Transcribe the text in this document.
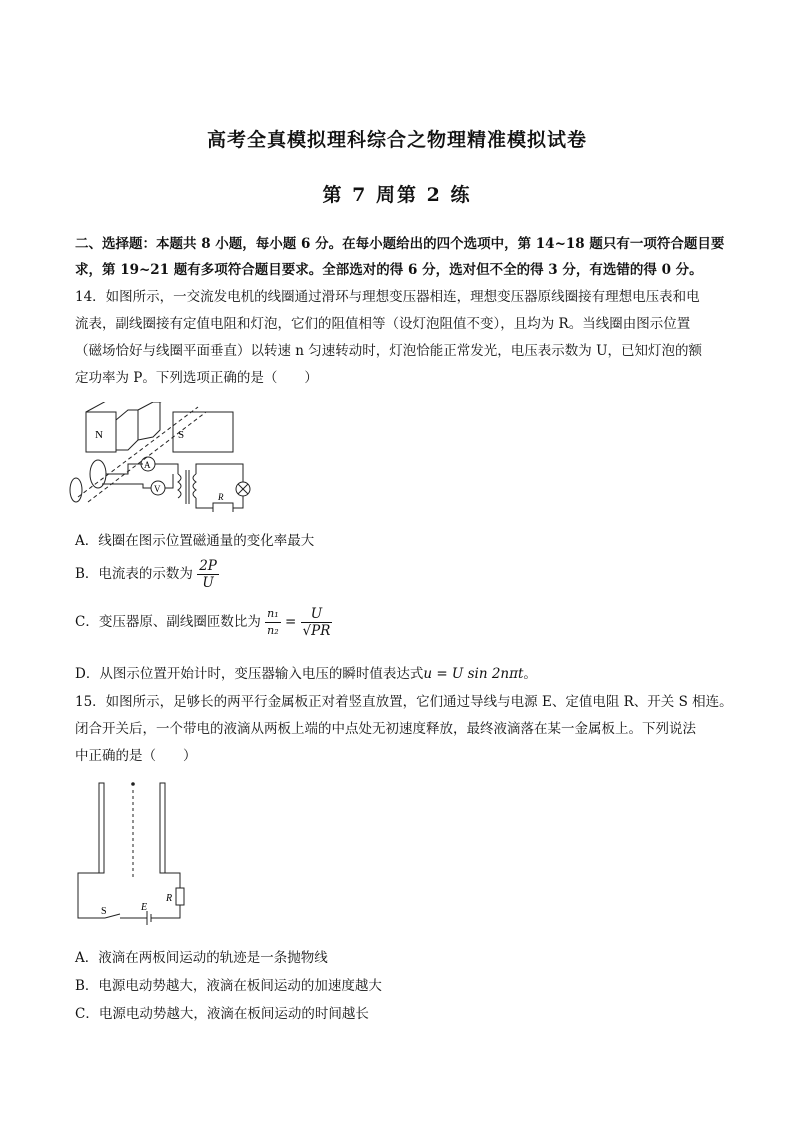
高考全真模拟理科综合之物理精准模拟试卷
第 7 周第 2 练
二、选择题：本题共 8 小题，每小题 6 分。在每小题给出的四个选项中，第 14~18 题只有一项符合题目要
求，第 19~21 题有多项符合题目要求。全部选对的得 6 分，选对但不全的得 3 分，有选错的得 0 分。
14．如图所示，一交流发电机的线圈通过滑环与理想变压器相连，理想变压器原线圈接有理想电压表和电
流表，副线圈接有定值电阻和灯泡，它们的阻值相等（设灯泡阻值不变），且均为 R。当线圈由图示位置
（磁场恰好与线圈平面垂直）以转速 n 匀速转动时，灯泡恰能正常发光，电压表示数为 U，已知灯泡的额
定功率为 P。下列选项正确的是（　　）
N	S
A
V
R
A．线圈在图示位置磁通量的变化率最大
B．电流表的示数为 $\frac{2P}{U}$
C．变压器原、副线圈匝数比为 $\frac{\text{n₁}}{\text{n₂}} = \frac{U}{√PR}$
D．从图示位置开始计时，变压器输入电压的瞬时值表达式u = U sin 2nπt。
15．如图所示，足够长的两平行金属板正对着竖直放置，它们通过导线与电源 E、定值电阻 R、开关 S 相连。
闭合开关后，一个带电的液滴从两板上端的中点处无初速度释放，最终液滴落在某一金属板上。下列说法
中正确的是（　　）
S	E
R
A．液滴在两板间运动的轨迹是一条抛物线
B．电源电动势越大，液滴在板间运动的加速度越大
C．电源电动势越大，液滴在板间运动的时间越长
